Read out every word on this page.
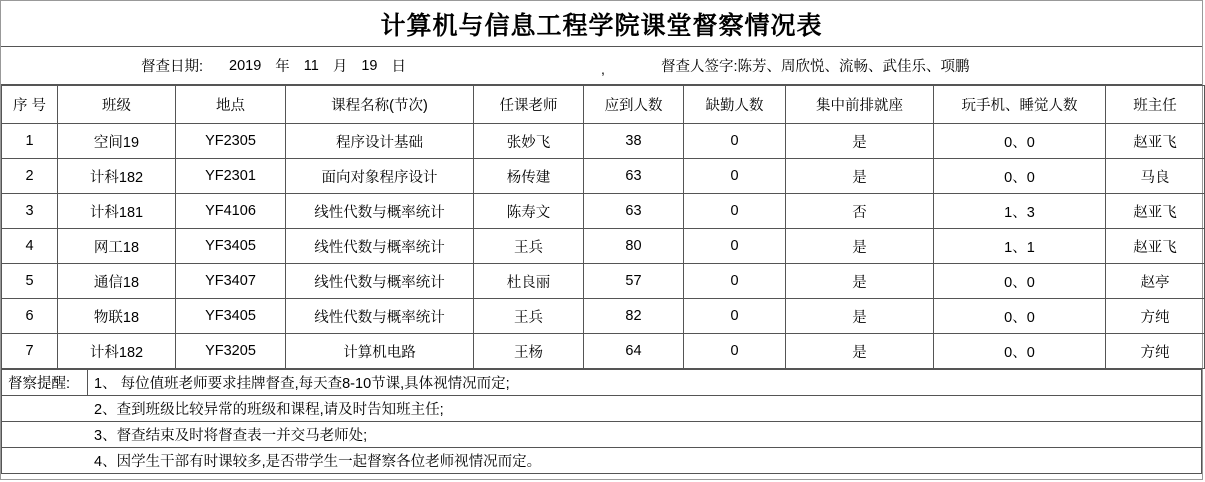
计算机与信息工程学院课堂督察情况表
督查日期: 2019 年 11 月 19 日	,	督查人签字:陈芳、周欣悦、流畅、武佳乐、项鹏
序 号	班级	地点	课程名称(节次)	任课老师	应到人数	缺勤人数	集中前排就座	玩手机、睡觉人数	班主任
1	空间19	YF2305	程序设计基础	张妙飞	38	0	是	0、0	赵亚飞
2	计科182	YF2301	面向对象程序设计	杨传建	63	0	是	0、0	马良
3	计科181	YF4106	线性代数与概率统计	陈寿文	63	0	否	1、3	赵亚飞
4	网工18	YF3405	线性代数与概率统计	王兵	80	0	是	1、1	赵亚飞
5	通信18	YF3407	线性代数与概率统计	杜良丽	57	0	是	0、0	赵亭
6	物联18	YF3405	线性代数与概率统计	王兵	82	0	是	0、0	方纯
7	计科182	YF3205	计算机电路	王杨	64	0	是	0、0	方纯
督察提醒:	1、 每位值班老师要求挂牌督查,每天查8-10节课,具体视情况而定;
2、查到班级比较异常的班级和课程,请及时告知班主任;
3、督查结束及时将督查表一并交马老师处;
4、因学生干部有时课较多,是否带学生一起督察各位老师视情况而定。
